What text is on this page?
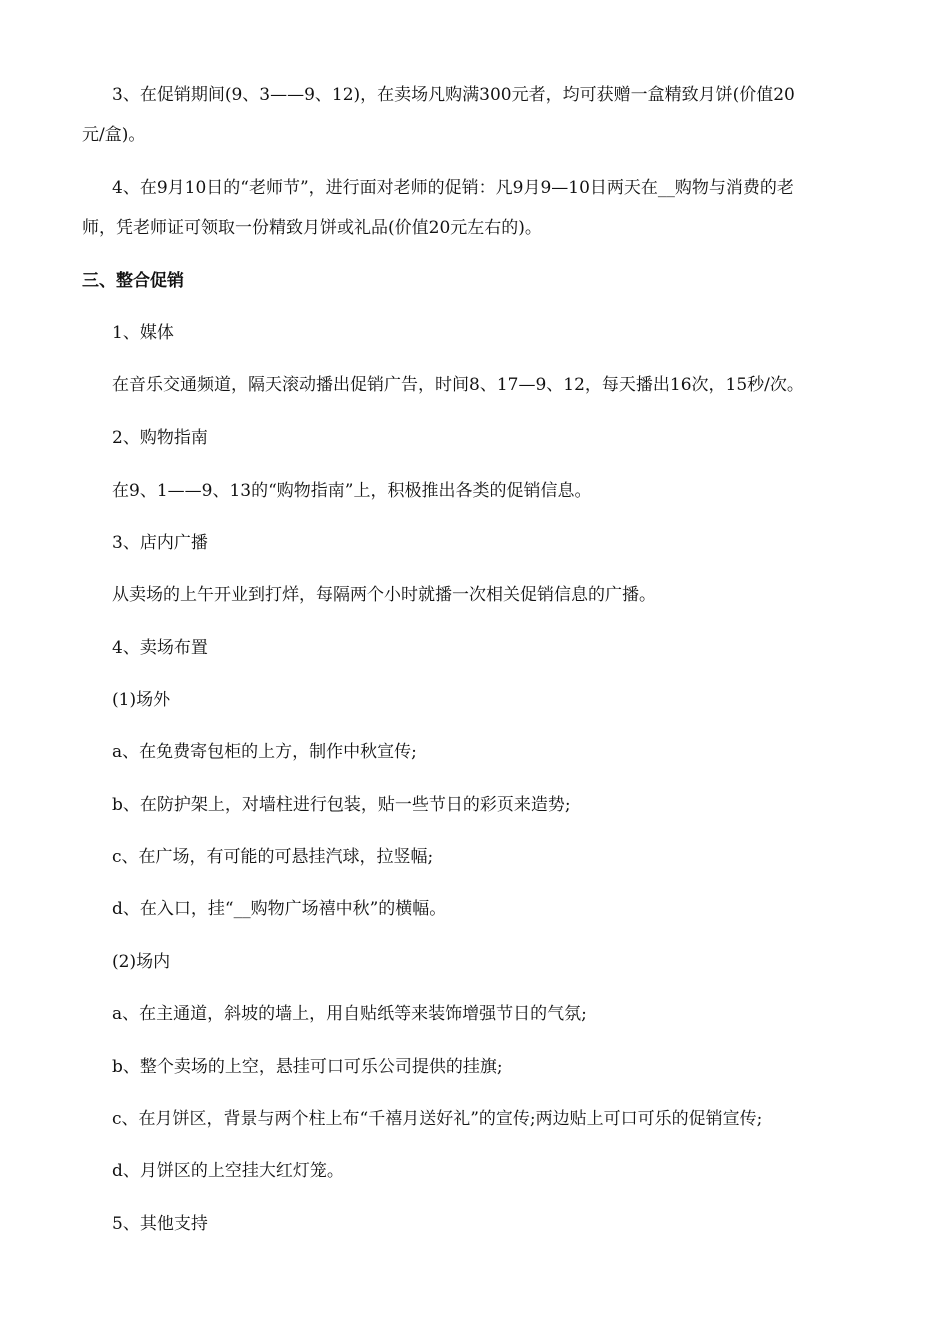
3、在促销期间(9、3——9、12)，在卖场凡购满300元者，均可获赠一盒精致月饼(价值20
元/盒)。
4、在9月10日的“老师节”，进行面对老师的促销：凡9月9—10日两天在__购物与消费的老
师，凭老师证可领取一份精致月饼或礼品(价值20元左右的)。
三、整合促销
1、媒体
在音乐交通频道，隔天滚动播出促销广告，时间8、17—9、12，每天播出16次，15秒/次。
2、购物指南
在9、1——9、13的“购物指南”上，积极推出各类的促销信息。
3、店内广播
从卖场的上午开业到打烊，每隔两个小时就播一次相关促销信息的广播。
4、卖场布置
(1)场外
a、在免费寄包柜的上方，制作中秋宣传;
b、在防护架上，对墙柱进行包装，贴一些节日的彩页来造势;
c、在广场，有可能的可悬挂汽球，拉竖幅;
d、在入口，挂“__购物广场禧中秋”的横幅。
(2)场内
a、在主通道，斜坡的墙上，用自贴纸等来装饰增强节日的气氛;
b、整个卖场的上空，悬挂可口可乐公司提供的挂旗;
c、在月饼区，背景与两个柱上布“千禧月送好礼”的宣传;两边贴上可口可乐的促销宣传;
d、月饼区的上空挂大红灯笼。
5、其他支持
